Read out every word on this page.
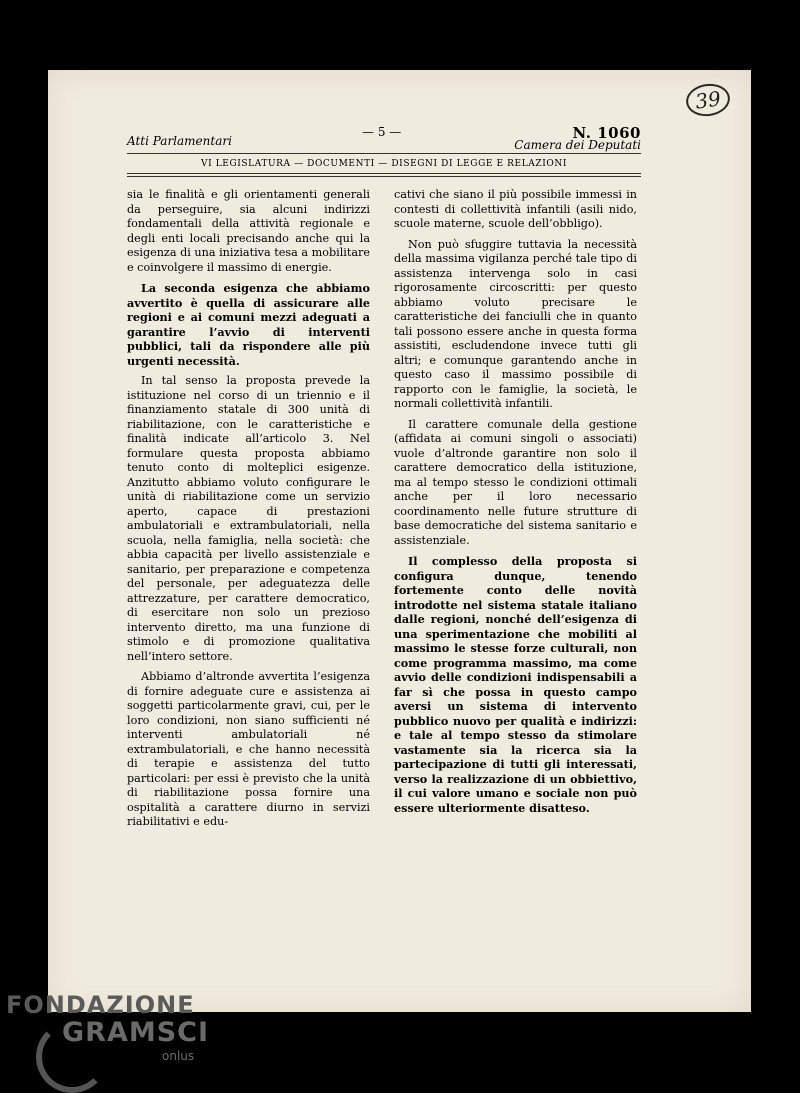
39
Atti Parlamentari
— 5 —	N. 1060
Camera dei Deputati
VI LEGISLATURA — DOCUMENTI — DISEGNI DI LEGGE E RELAZIONI

sia le finalità e gli orientamenti generali da perseguire, sia alcuni indirizzi fondamentali della attività regionale e degli enti locali precisando anche qui la esigenza di una iniziativa tesa a mobilitare e coinvolgere il massimo di energie.

La seconda esigenza che abbiamo avvertito è quella di assicurare alle regioni e ai comuni mezzi adeguati a garantire l’avvio di interventi pubblici, tali da rispondere alle più urgenti necessità.

In tal senso la proposta prevede la istituzione nel corso di un triennio e il finanziamento statale di 300 unità di riabilitazione, con le caratteristiche e finalità indicate all’articolo 3. Nel formulare questa proposta abbiamo tenuto conto di molteplici esigenze. Anzitutto abbiamo voluto configurare le unità di riabilitazione come un servizio aperto, capace di prestazioni ambulatoriali e extrambulatoriali, nella scuola, nella famiglia, nella società: che abbia capacità per livello assistenziale e sanitario, per preparazione e competenza del personale, per adeguatezza delle attrezzature, per carattere democratico, di esercitare non solo un prezioso intervento diretto, ma una funzione di stimolo e di promozione qualitativa nell’intero settore.

Abbiamo d’altronde avvertita l’esigenza di fornire adeguate cure e assistenza ai soggetti particolarmente gravi, cui, per le loro condizioni, non siano sufficienti né interventi ambulatoriali né extrambulatoriali, e che hanno necessità di terapie e assistenza del tutto particolari: per essi è previsto che la unità di riabilitazione possa fornire una ospitalità a carattere diurno in servizi riabilitativi e edu-

cativi che siano il più possibile immessi in contesti di collettività infantili (asili nido, scuole materne, scuole dell’obbligo).

Non può sfuggire tuttavia la necessità della massima vigilanza perché tale tipo di assistenza intervenga solo in casi rigorosamente circoscritti: per questo abbiamo voluto precisare le caratteristiche dei fanciulli che in quanto tali possono essere anche in questa forma assistiti, escludendone invece tutti gli altri; e comunque garantendo anche in questo caso il massimo possibile di rapporto con le famiglie, la società, le normali collettività infantili.

Il carattere comunale della gestione (affidata ai comuni singoli o associati) vuole d’altronde garantire non solo il carattere democratico della istituzione, ma al tempo stesso le condizioni ottimali anche per il loro necessario coordinamento nelle future strutture di base democratiche del sistema sanitario e assistenziale.

Il complesso della proposta si configura dunque, tenendo fortemente conto delle novità introdotte nel sistema statale italiano dalle regioni, nonché dell’esigenza di una sperimentazione che mobiliti al massimo le stesse forze culturali, non come programma massimo, ma come avvio delle condizioni indispensabili a far sì che possa in questo campo aversi un sistema di intervento pubblico nuovo per qualità e indirizzi: e tale al tempo stesso da stimolare vastamente sia la ricerca sia la partecipazione di tutti gli interessati, verso la realizzazione di un obbiettivo, il cui valore umano e sociale non può essere ulteriormente disatteso.

FONDAZIONE
GRAMSCI
onlus
